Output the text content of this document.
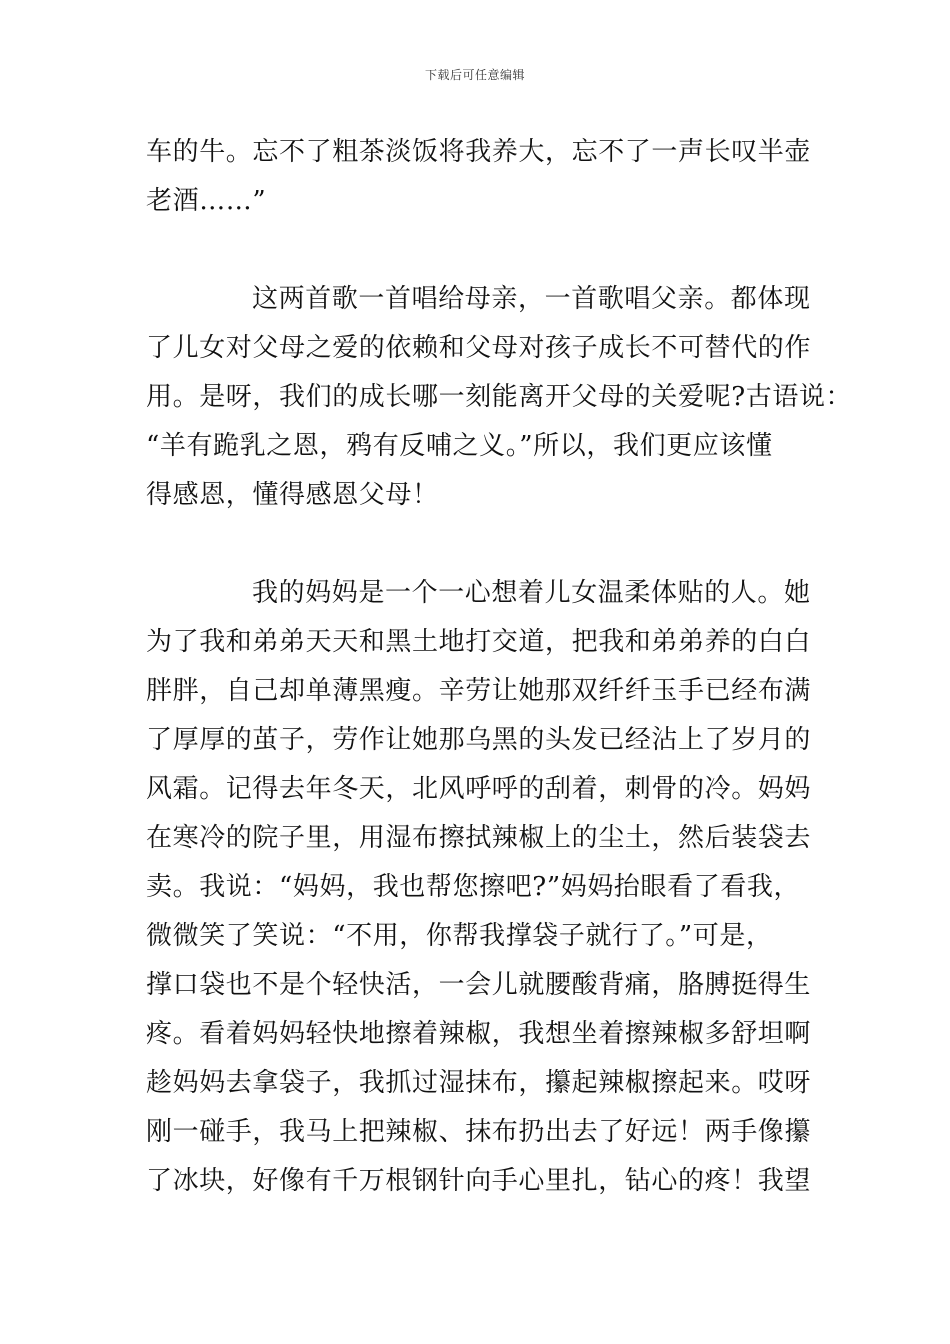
下载后可任意编辑
车的牛。忘不了粗茶淡饭将我养大，忘不了一声长叹半壶
老酒……”
这两首歌一首唱给母亲，一首歌唱父亲。都体现
了儿女对父母之爱的依赖和父母对孩子成长不可替代的作
用。是呀，我们的成长哪一刻能离开父母的关爱呢?古语说：
“羊有跪乳之恩，鸦有反哺之义。”所以，我们更应该懂
得感恩，懂得感恩父母！
我的妈妈是一个一心想着儿女温柔体贴的人。她
为了我和弟弟天天和黑土地打交道，把我和弟弟养的白白
胖胖，自己却单薄黑瘦。辛劳让她那双纤纤玉手已经布满
了厚厚的茧子，劳作让她那乌黑的头发已经沾上了岁月的
风霜。记得去年冬天，北风呼呼的刮着，刺骨的冷。妈妈
在寒冷的院子里，用湿布擦拭辣椒上的尘土，然后装袋去
卖。我说：“妈妈，我也帮您擦吧?”妈妈抬眼看了看我，
微微笑了笑说：“不用，你帮我撑袋子就行了。”可是，
撑口袋也不是个轻快活，一会儿就腰酸背痛，胳膊挺得生
疼。看着妈妈轻快地擦着辣椒，我想坐着擦辣椒多舒坦啊
趁妈妈去拿袋子，我抓过湿抹布，攥起辣椒擦起来。哎呀
刚一碰手，我马上把辣椒、抹布扔出去了好远！两手像攥
了冰块，好像有千万根钢针向手心里扎，钻心的疼！我望
